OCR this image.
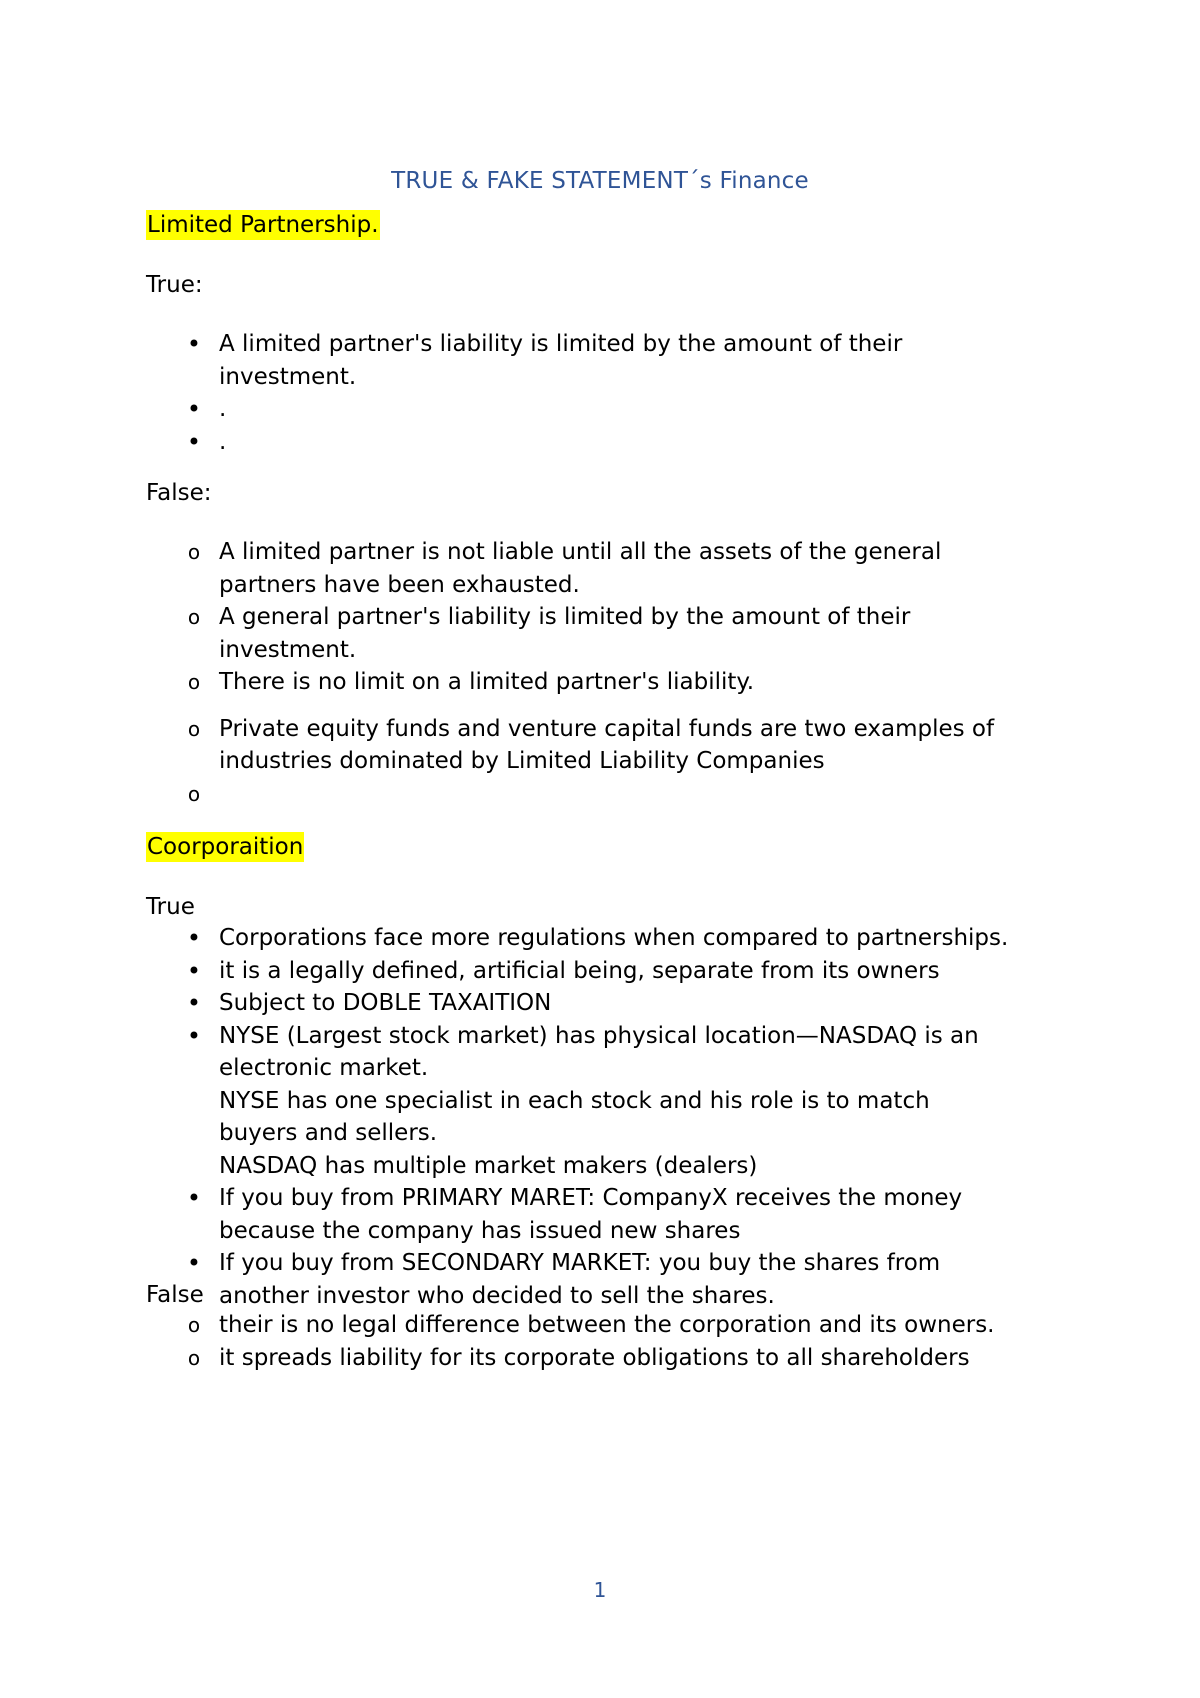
TRUE & FAKE STATEMENT´s Finance
Limited Partnership.
True:
•
A limited partner's liability is limited by the amount of their
investment.
•
.
•
.
False:
o
A limited partner is not liable until all the assets of the general
partners have been exhausted.
o
A general partner's liability is limited by the amount of their
investment.
o
There is no limit on a limited partner's liability.
o
Private equity funds and venture capital funds are two examples of
industries dominated by Limited Liability Companies
o

Coorporaition
True
•
Corporations face more regulations when compared to partnerships.
•
it is a legally defined, artificial being, separate from its owners
•
Subject to DOBLE TAXAITION
•
NYSE (Largest stock market) has physical location—NASDAQ is an
electronic market.
NYSE has one specialist in each stock and his role is to match
buyers and sellers.
NASDAQ has multiple market makers (dealers)
•
If you buy from PRIMARY MARET: CompanyX receives the money
because the company has issued new shares
•
If you buy from SECONDARY MARKET: you buy the shares from
another investor who decided to sell the shares.
False
o
their is no legal difference between the corporation and its owners.
o
it spreads liability for its corporate obligations to all shareholders
1
